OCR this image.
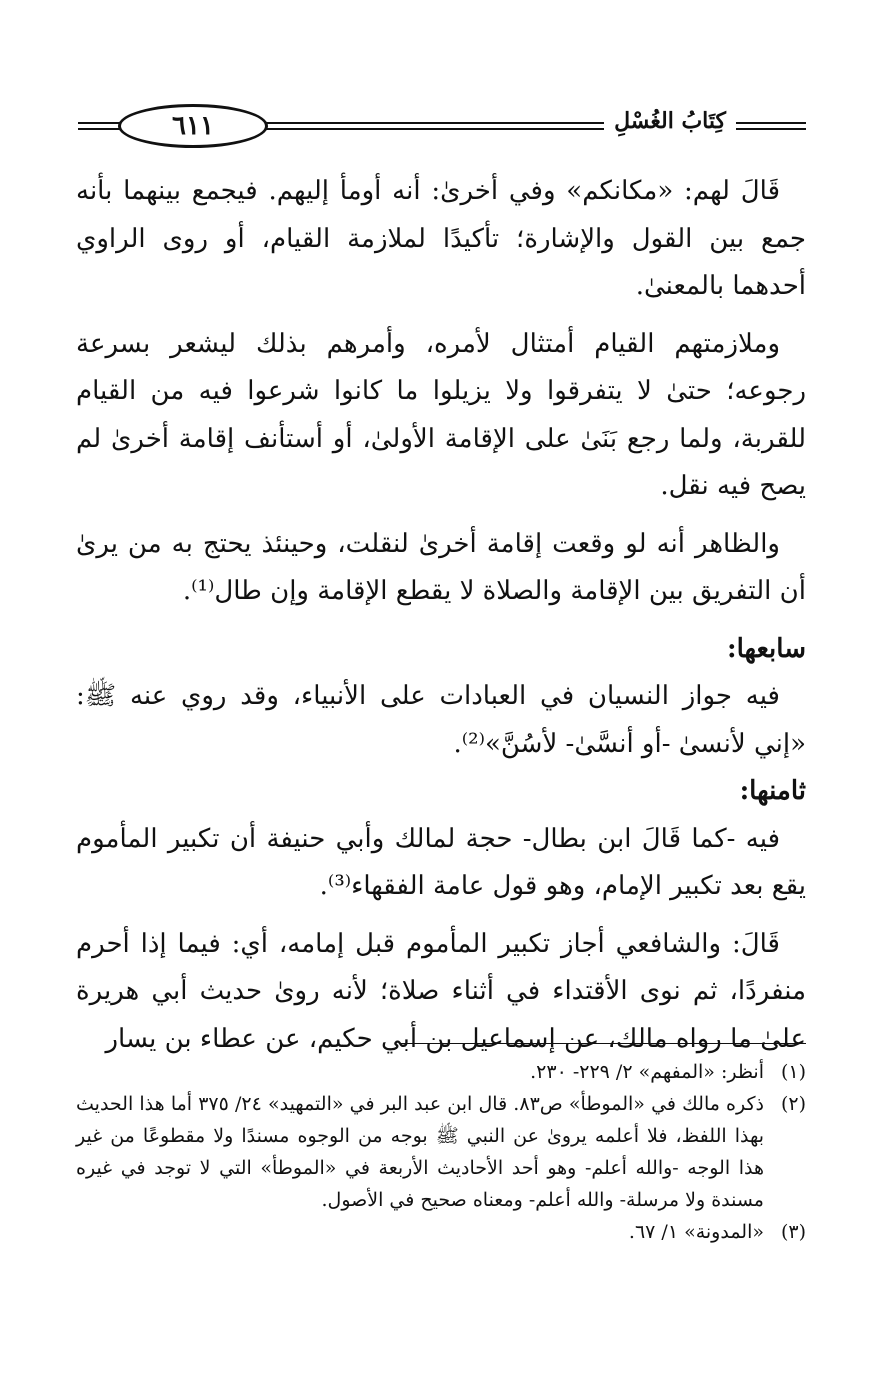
٦١١	كِتَابُ الغُسْلِ

قَالَ لهم: «مكانكم» وفي أخرىٰ: أنه أومأ إليهم. فيجمع بينهما بأنه جمع بين القول والإشارة؛ تأكيدًا لملازمة القيام، أو روى الراوي أحدهما بالمعنىٰ.

وملازمتهم القيام أمتثال لأمره، وأمرهم بذلك ليشعر بسرعة رجوعه؛ حتىٰ لا يتفرقوا ولا يزيلوا ما كانوا شرعوا فيه من القيام للقربة، ولما رجع بَنَىٰ على الإقامة الأولىٰ، أو أستأنف إقامة أخرىٰ لم يصح فيه نقل.

والظاهر أنه لو وقعت إقامة أخرىٰ لنقلت، وحينئذ يحتج به من يرىٰ أن التفريق بين الإقامة والصلاة لا يقطع الإقامة وإن طال⁽¹⁾.

سابعها:

فيه جواز النسيان في العبادات على الأنبياء، وقد روي عنه ﷺ: «إني لأنسىٰ -أو أنسَّىٰ- لأسُنَّ»⁽²⁾.

ثامنها:

فيه -كما قَالَ ابن بطال- حجة لمالك وأبي حنيفة أن تكبير المأموم يقع بعد تكبير الإمام، وهو قول عامة الفقهاء⁽³⁾.

قَالَ: والشافعي أجاز تكبير المأموم قبل إمامه، أي: فيما إذا أحرم منفردًا، ثم نوى الأقتداء في أثناء صلاة؛ لأنه روىٰ حديث أبي هريرة علىٰ ما رواه مالك، عن إسماعيل بن أبي حكيم، عن عطاء بن يسار

(١)
أنظر: «المفهم» ٢/ ٢٢٩- ٢٣٠.
(٢)
ذكره مالك في «الموطأ» ص٨٣. قال ابن عبد البر في «التمهيد» ٢٤/ ٣٧٥ أما هذا الحديث بهذا اللفظ، فلا أعلمه يروىٰ عن النبي ﷺ بوجه من الوجوه مسندًا ولا مقطوعًا من غير هذا الوجه -والله أعلم- وهو أحد الأحاديث الأربعة في «الموطأ» التي لا توجد في غيره مسندة ولا مرسلة- والله أعلم- ومعناه صحيح في الأصول.
(٣)
«المدونة» ١/ ٦٧.
